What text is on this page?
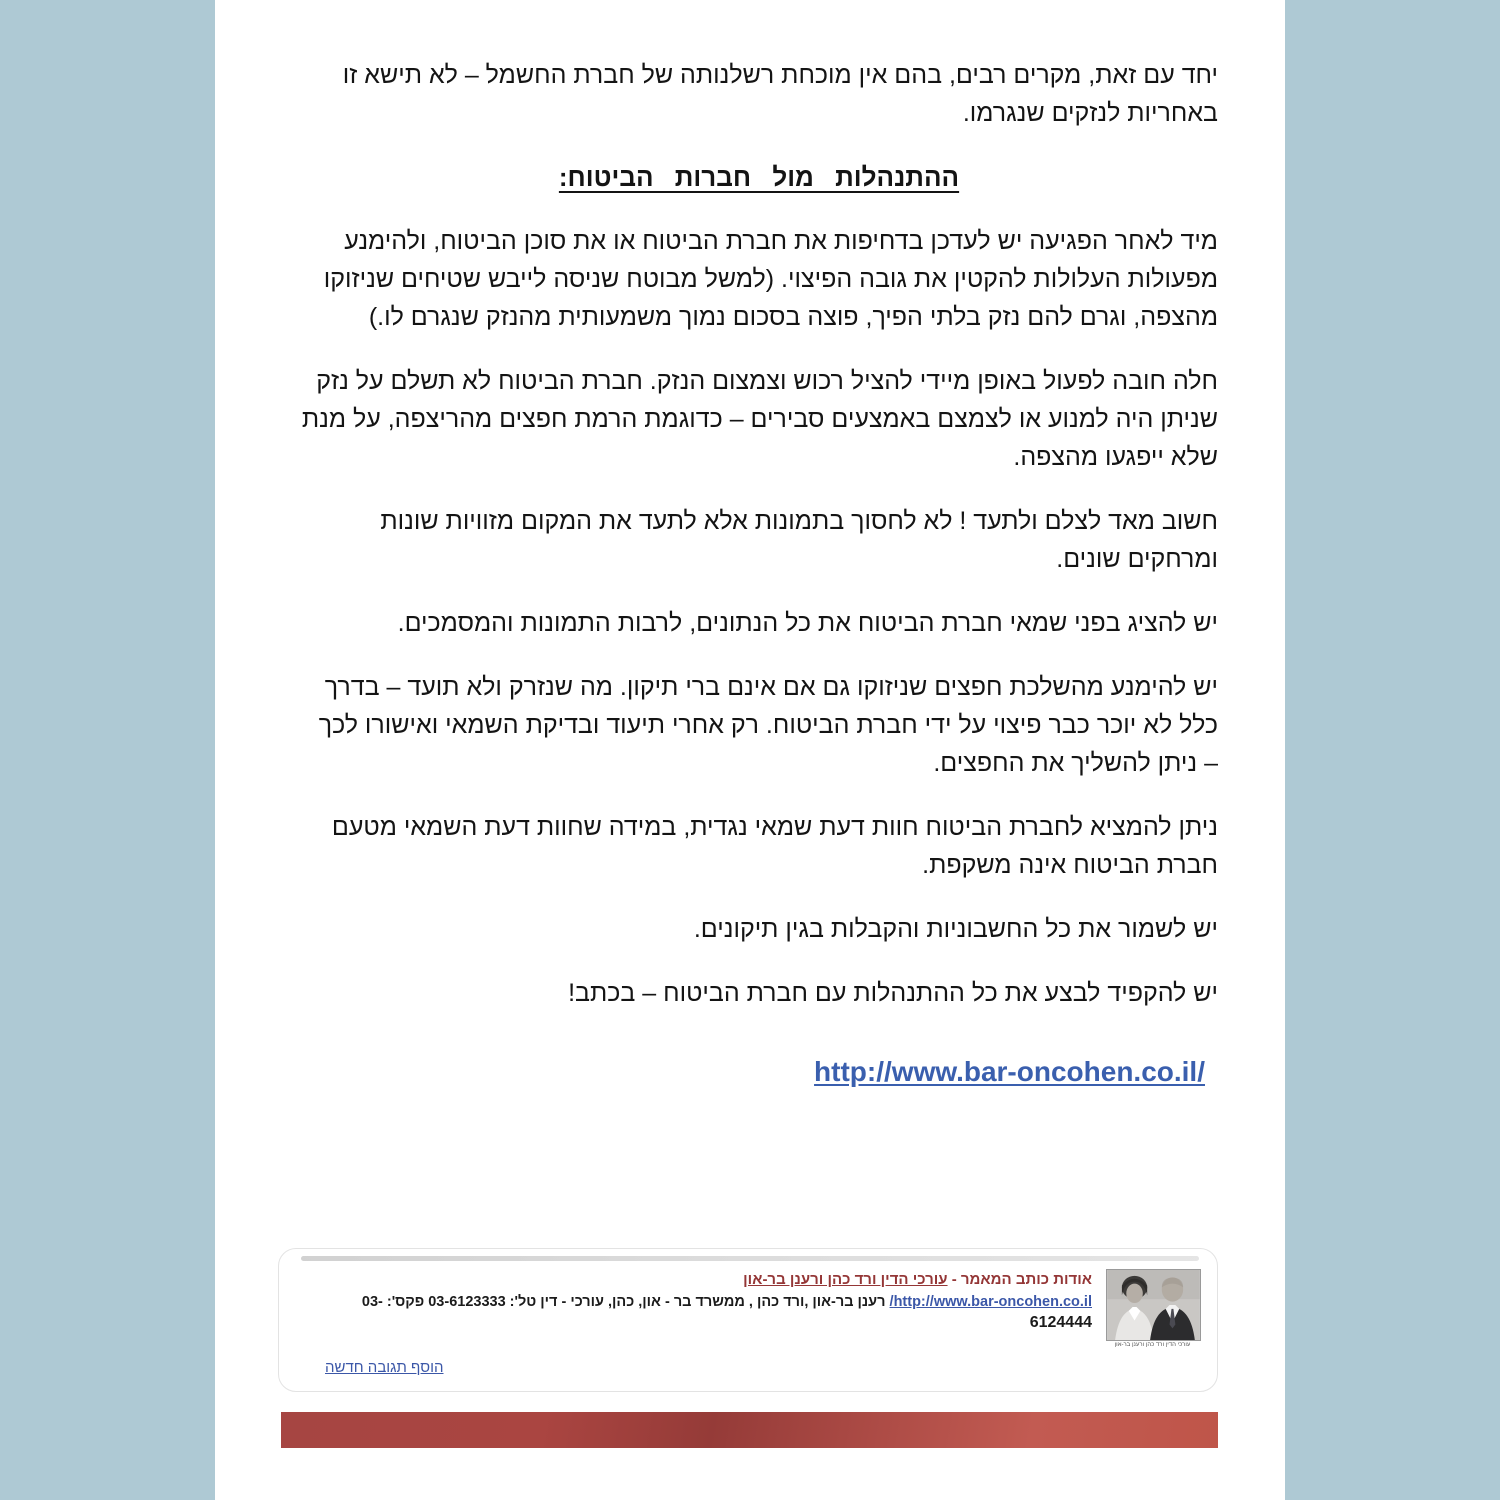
יחד עם זאת, מקרים רבים, בהם אין מוכחת רשלנותה של חברת החשמל – לא תישא זו באחריות לנזקים שנגרמו.

ההתנהלות מול חברות הביטוח:

מיד לאחר הפגיעה יש לעדכן בדחיפות את חברת הביטוח או את סוכן הביטוח, ולהימנע מפעולות העלולות להקטין את גובה הפיצוי. (למשל מבוטח שניסה לייבש שטיחים שניזוקו מהצפה, וגרם להם נזק בלתי הפיך, פוצה בסכום נמוך משמעותית מהנזק שנגרם לו.)

חלה חובה לפעול באופן מיידי להציל רכוש וצמצום הנזק. חברת הביטוח לא תשלם על נזק שניתן היה למנוע או לצמצם באמצעים סבירים – כדוגמת הרמת חפצים מהריצפה, על מנת שלא ייפגעו מהצפה.

חשוב מאד לצלם ולתעד ! לא לחסוך בתמונות אלא לתעד את המקום מזוויות שונות ומרחקים שונים.

יש להציג בפני שמאי חברת הביטוח את כל הנתונים, לרבות התמונות והמסמכים.

יש להימנע מהשלכת חפצים שניזוקו גם אם אינם ברי תיקון. מה שנזרק ולא תועד – בדרך כלל לא יוכר כבר פיצוי על ידי חברת הביטוח. רק אחרי תיעוד ובדיקת השמאי ואישורו לכך – ניתן להשליך את החפצים.

ניתן להמציא לחברת הביטוח חוות דעת שמאי נגדית, במידה שחוות דעת השמאי מטעם חברת הביטוח אינה משקפת.

יש לשמור את כל החשבוניות והקבלות בגין תיקונים.

יש להקפיד לבצע את כל ההתנהלות עם חברת הביטוח – בכתב!

http://www.bar-oncohen.co.il/
עורכי הדין ורד כהן ורענן בר-און
אודות כותב המאמר - עורכי הדין ורד כהן ורענן בר-און
http://www.bar-oncohen.co.il/ רענן בר-און ,ורד כהן , ממשרד בר - און, כהן, עורכי - דין טל': 03-6123333 פקס': 03-
6124444
הוסף תגובה חדשה
